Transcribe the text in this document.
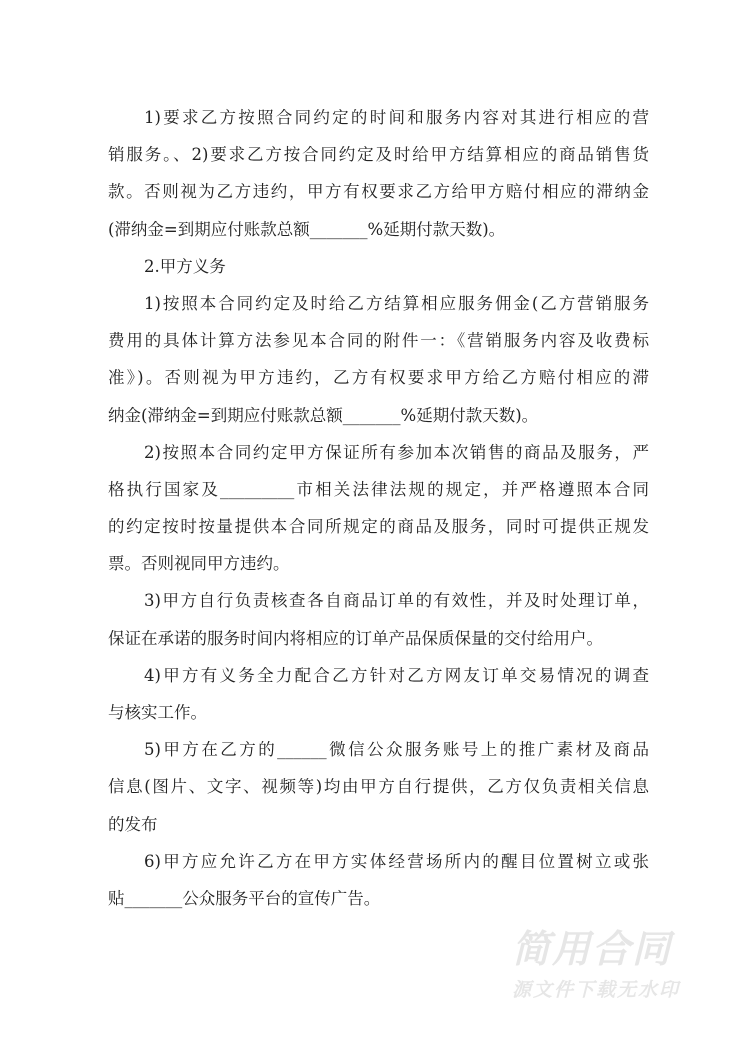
1)要求乙方按照合同约定的时间和服务内容对其进行相应的营
销服务。、2)要求乙方按合同约定及时给甲方结算相应的商品销售货
款。否则视为乙方违约，甲方有权要求乙方给甲方赔付相应的滞纳金
(滞纳金=到期应付账款总额_______%延期付款天数)。
2.甲方义务
1)按照本合同约定及时给乙方结算相应服务佣金(乙方营销服务
费用的具体计算方法参见本合同的附件一：《营销服务内容及收费标
准》)。否则视为甲方违约，乙方有权要求甲方给乙方赔付相应的滞
纳金(滞纳金=到期应付账款总额_______%延期付款天数)。
2)按照本合同约定甲方保证所有参加本次销售的商品及服务，严
格执行国家及_________市相关法律法规的规定，并严格遵照本合同
的约定按时按量提供本合同所规定的商品及服务，同时可提供正规发
票。否则视同甲方违约。
3)甲方自行负责核查各自商品订单的有效性，并及时处理订单，
保证在承诺的服务时间内将相应的订单产品保质保量的交付给用户。
4)甲方有义务全力配合乙方针对乙方网友订单交易情况的调查
与核实工作。
5)甲方在乙方的______微信公众服务账号上的推广素材及商品
信息(图片、文字、视频等)均由甲方自行提供，乙方仅负责相关信息
的发布
6)甲方应允许乙方在甲方实体经营场所内的醒目位置树立或张
贴_______公众服务平台的宣传广告。
简用合同
源文件下载无水印
